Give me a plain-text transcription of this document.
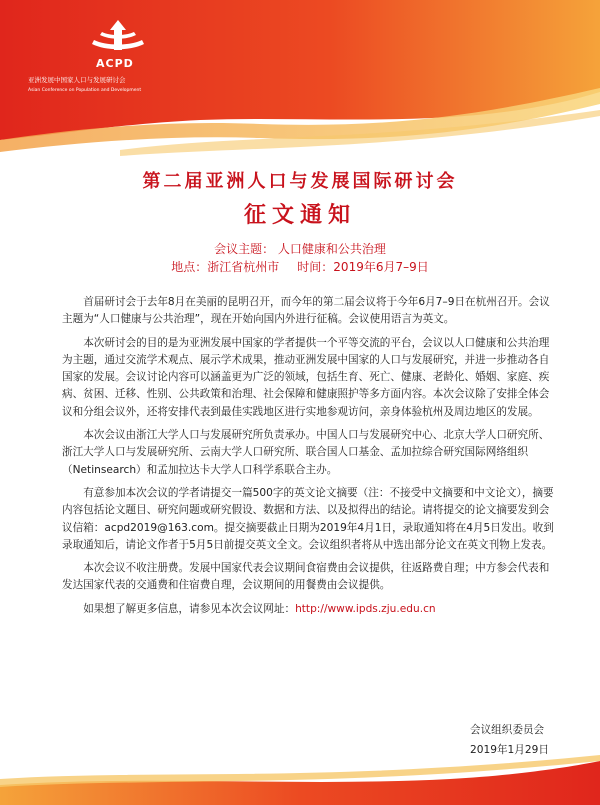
ACPD
亚洲发展中国家人口与发展研讨会
Asian Conference on Population and Development
第二届亚洲人口与发展国际研讨会
征文通知
会议主题： 人口健康和公共治理
地点：浙江省杭州市 时间：2019年6月7–9日

首届研讨会于去年8月在美丽的昆明召开，而今年的第二届会议将于今年6月7–9日在杭州召开。会议主题为“人口健康与公共治理”，现在开始向国内外进行征稿。会议使用语言为英文。

本次研讨会的目的是为亚洲发展中国家的学者提供一个平等交流的平台，会议以人口健康和公共治理为主题，通过交流学术观点、展示学术成果，推动亚洲发展中国家的人口与发展研究，并进一步推动各自国家的发展。会议讨论内容可以涵盖更为广泛的领域，包括生育、死亡、健康、老龄化、婚姻、家庭、疾病、贫困、迁移、性别、公共政策和治理、社会保障和健康照护等多方面内容。本次会议除了安排全体会议和分组会议外，还将安排代表到最佳实践地区进行实地参观访问，亲身体验杭州及周边地区的发展。

本次会议由浙江大学人口与发展研究所负责承办。中国人口与发展研究中心、北京大学人口研究所、浙江大学人口与发展研究所、云南大学人口研究所、联合国人口基金、孟加拉综合研究国际网络组织（Netinsearch）和孟加拉达卡大学人口科学系联合主办。

有意参加本次会议的学者请提交一篇500字的英文论文摘要（注：不接受中文摘要和中文论文），摘要内容包括论文题目、研究问题或研究假设、数据和方法、以及拟得出的结论。请将提交的论文摘要发到会议信箱：acpd2019@163.com。提交摘要截止日期为2019年4月1日，录取通知将在4月5日发出。收到录取通知后，请论文作者于5月5日前提交英文全文。会议组织者将从中选出部分论文在英文刊物上发表。

本次会议不收注册费。发展中国家代表会议期间食宿费由会议提供，往返路费自理；中方参会代表和发达国家代表的交通费和住宿费自理，会议期间的用餐费由会议提供。

如果想了解更多信息，请参见本次会议网址：http://www.ipds.zju.edu.cn

会议组织委员会
2019年1月29日
